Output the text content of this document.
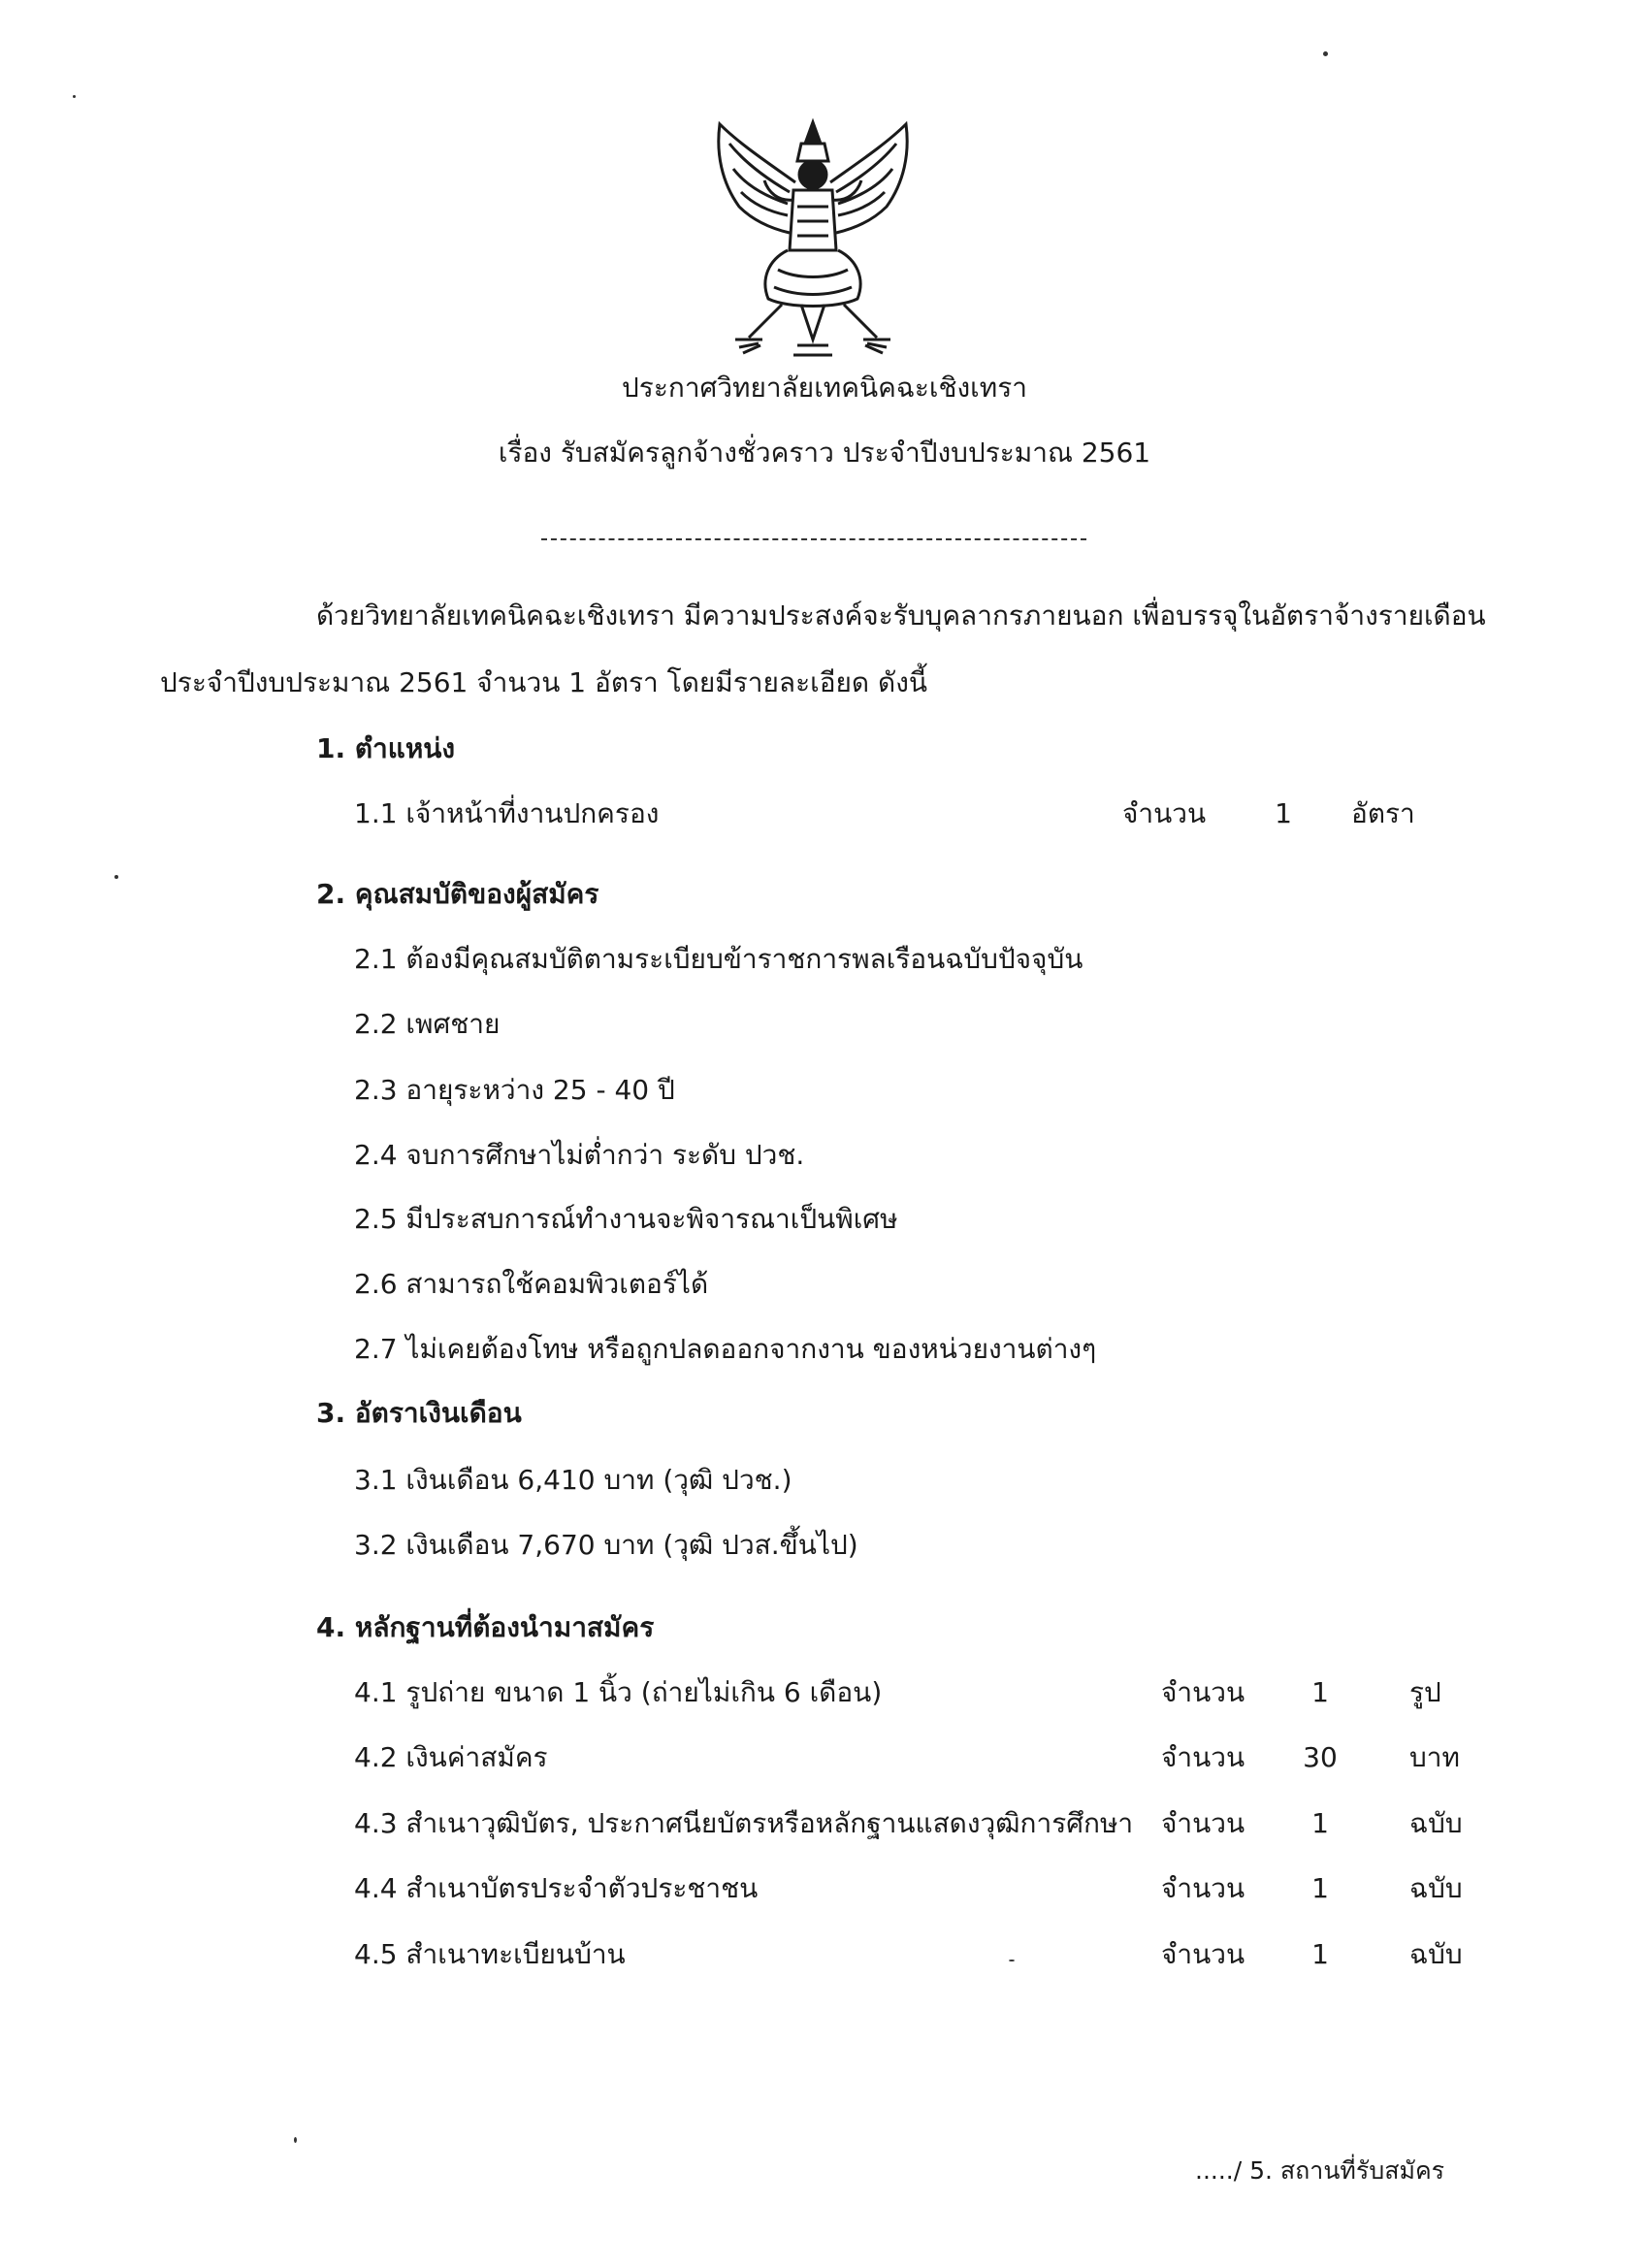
ประกาศวิทยาลัยเทคนิคฉะเชิงเทรา
เรื่อง รับสมัครลูกจ้างชั่วคราว ประจำปีงบประมาณ 2561
ด้วยวิทยาลัยเทคนิคฉะเชิงเทรา มีความประสงค์จะรับบุคลากรภายนอก เพื่อบรรจุในอัตราจ้างรายเดือน
ประจำปีงบประมาณ 2561 จำนวน 1 อัตรา โดยมีรายละเอียด ดังนี้
1. ตำแหน่ง
1.1 เจ้าหน้าที่งานปกครอง	จำนวน	1	อัตรา
2. คุณสมบัติของผู้สมัคร
2.1 ต้องมีคุณสมบัติตามระเบียบข้าราชการพลเรือนฉบับปัจจุบัน
2.2 เพศชาย
2.3 อายุระหว่าง 25 - 40 ปี
2.4 จบการศึกษาไม่ต่ำกว่า ระดับ ปวช.
2.5 มีประสบการณ์ทำงานจะพิจารณาเป็นพิเศษ
2.6 สามารถใช้คอมพิวเตอร์ได้
2.7 ไม่เคยต้องโทษ หรือถูกปลดออกจากงาน ของหน่วยงานต่างๆ
3. อัตราเงินเดือน
3.1 เงินเดือน 6,410 บาท (วุฒิ ปวช.)
3.2 เงินเดือน 7,670 บาท (วุฒิ ปวส.ขึ้นไป)
4. หลักฐานที่ต้องนำมาสมัคร
4.1 รูปถ่าย ขนาด 1 นิ้ว (ถ่ายไม่เกิน 6 เดือน)	จำนวน	1	รูป
4.2 เงินค่าสมัคร	จำนวน	30	บาท
4.3 สำเนาวุฒิบัตร, ประกาศนียบัตรหรือหลักฐานแสดงวุฒิการศึกษา จำนวน	1	ฉบับ
4.4 สำเนาบัตรประจำตัวประชาชน	จำนวน	1	ฉบับ
4.5 สำเนาทะเบียนบ้าน	จำนวน	1	ฉบับ
...../ 5. สถานที่รับสมัคร
